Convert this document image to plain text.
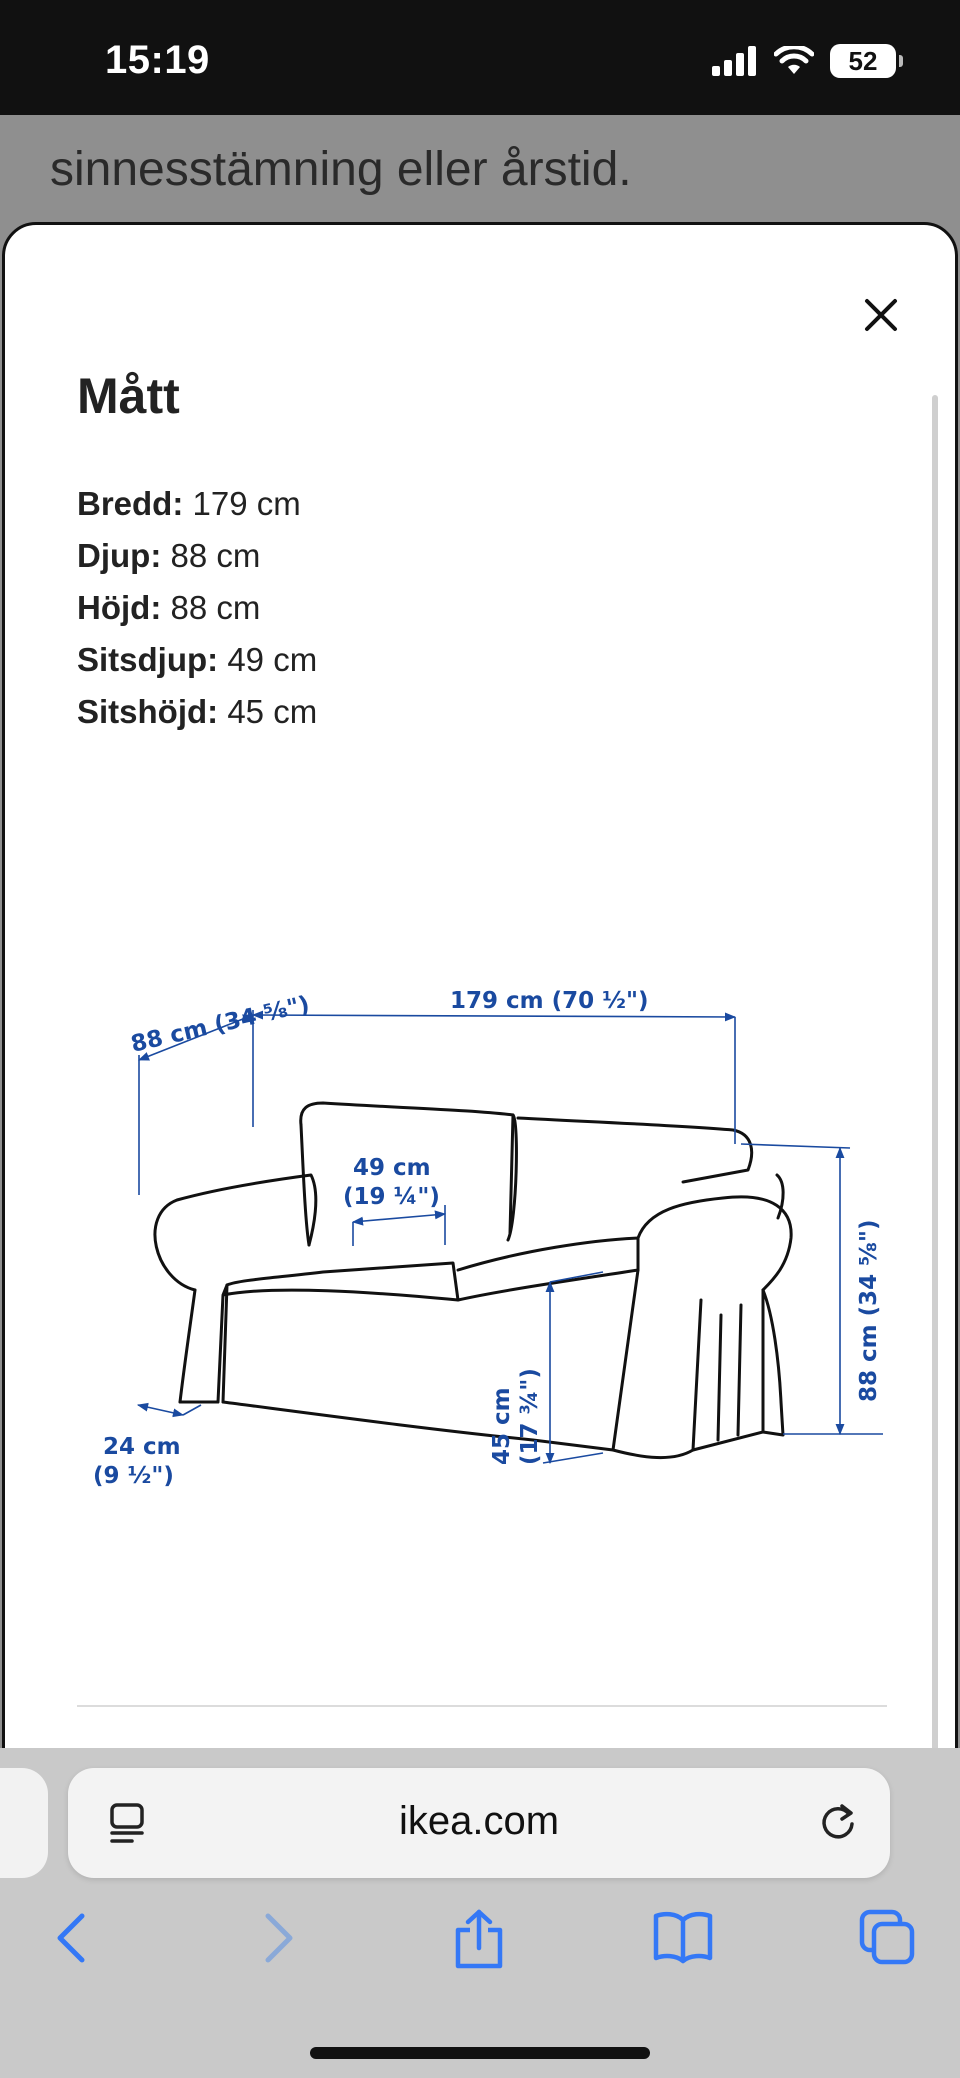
15:19	52
sinnesstämning eller årstid.
Mått
Bredd: 179 cm
Djup: 88 cm
Höjd: 88 cm
Sitsdjup: 49 cm
Sitshöjd: 45 cm
88 cm (34 ⅝")	179 cm (70 ½")
88 cm (34 ⅝")
49 cm
(19 ¼")
45 cm (17 ¾")
24 cm
(9 ½")
ikea.com
